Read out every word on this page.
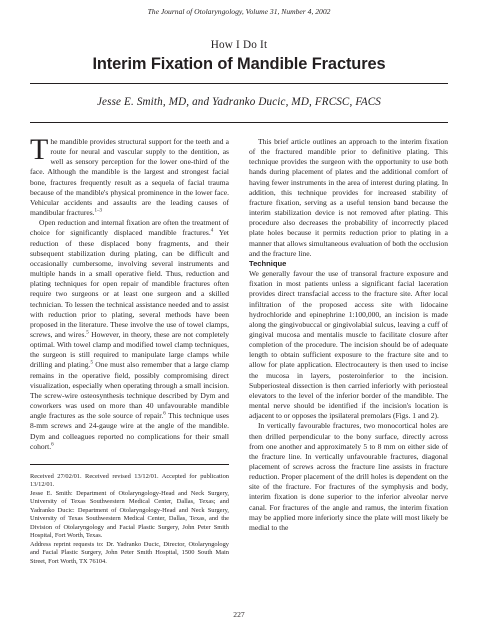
The Journal of Otolaryngology, Volume 31, Number 4, 2002
How I Do It
Interim Fixation of Mandible Fractures
Jesse E. Smith, MD, and Yadranko Ducic, MD, FRCSC, FACS

The mandible provides structural support for the teeth and a route for neural and vascular supply to the dentition, as well as sensory perception for the lower one-third of the face. Although the mandible is the largest and strongest facial bone, fractures frequently result as a sequela of facial trauma because of the mandible's physical prominence in the lower face. Vehicular accidents and assaults are the leading causes of mandibular fractures.$^{1-3}$

Open reduction and internal fixation are often the treatment of choice for significantly displaced mandible fractures.$^4$ Yet reduction of these displaced bony fragments, and their subsequent stabilization during plating, can be difficult and occasionally cumbersome, involving several instruments and multiple hands in a small operative field. Thus, reduction and plating techniques for open repair of mandible fractures often require two surgeons or at least one surgeon and a skilled technician. To lessen the technical assistance needed and to assist with reduction prior to plating, several methods have been proposed in the literature. These involve the use of towel clamps, screws, and wires.$^5$ However, in theory, these are not completely optimal. With towel clamp and modified towel clamp techniques, the surgeon is still required to manipulate large clamps while drilling and plating.$^5$ One must also remember that a large clamp remains in the operative field, possibly compromising direct visualization, especially when operating through a small incision. The screw-wire osteosynthesis technique described by Dym and coworkers was used on more than 40 unfavourable mandible angle fractures as the sole source of repair.$^6$ This technique uses 8-mm screws and 24-gauge wire at the angle of the mandible. Dym and colleagues reported no complications for their small cohort.$^6$

Received 27/02/01. Received revised 13/12/01. Accepted for publication 13/12/01.

Jesse E. Smith: Department of Otolaryngology-Head and Neck Surgery, University of Texas Southwestern Medical Center, Dallas, Texas; and Yadranko Ducic: Department of Otolaryngology-Head and Neck Surgery, University of Texas Southwestern Medical Center, Dallas, Texas, and the Division of Otolaryngology and Facial Plastic Surgery, John Peter Smith Hospital, Fort Worth, Texas.

Address reprint requests to: Dr. Yadranko Ducic, Director, Otolaryngology and Facial Plastic Surgery, John Peter Smith Hospital, 1500 South Main Street, Fort Worth, TX 76104.

This brief article outlines an approach to the interim fixation of the fractured mandible prior to definitive plating. This technique provides the surgeon with the opportunity to use both hands during placement of plates and the additional comfort of having fewer instruments in the area of interest during plating. In addition, this technique provides for increased stability of fracture fixation, serving as a useful tension band because the interim stabilization device is not removed after plating. This procedure also decreases the probability of incorrectly placed plate holes because it permits reduction prior to plating in a manner that allows simultaneous evaluation of both the occlusion and the fracture line.

Technique

We generally favour the use of transoral fracture exposure and fixation in most patients unless a significant facial laceration provides direct transfacial access to the fracture site. After local infiltration of the proposed access site with lidocaine hydrochloride and epinephrine 1:100,000, an incision is made along the gingivobuccal or gingivolabial sulcus, leaving a cuff of gingival mucosa and mentalis muscle to facilitate closure after completion of the procedure. The incision should be of adequate length to obtain sufficient exposure to the fracture site and to allow for plate application. Electrocautery is then used to incise the mucosa in layers, posteroinferior to the incision. Subperiosteal dissection is then carried inferiorly with periosteal elevators to the level of the inferior border of the mandible. The mental nerve should be identified if the incision's location is adjacent to or opposes the ipsilateral premolars (Figs. 1 and 2).

In vertically favourable fractures, two monocortical holes are then drilled perpendicular to the bony surface, directly across from one another and approximately 5 to 8 mm on either side of the fracture line. In vertically unfavourable fractures, diagonal placement of screws across the fracture line assists in fracture reduction. Proper placement of the drill holes is dependent on the site of the fracture. For fractures of the symphysis and body, interim fixation is done superior to the inferior alveolar nerve canal. For fractures of the angle and ramus, the interim fixation may be applied more inferiorly since the plate will most likely be medial to the

227
